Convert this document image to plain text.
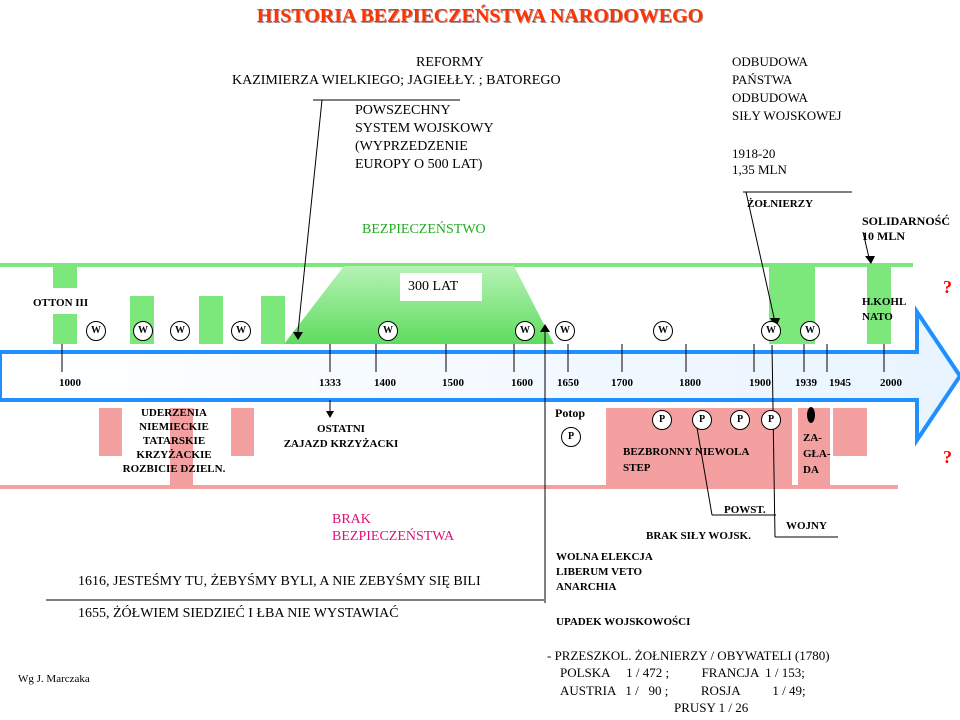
W	W	W	W	W	W	W	W	W	W
P
P	P	P	P
HISTORIA BEZPIECZEŃSTWA NARODOWEGO
REFORMY
KAZIMIERZA WIELKIEGO; JAGIEŁŁY. ; BATOREGO
POWSZECHNY
SYSTEM WOJSKOWY
(WYPRZEDZENIE
EUROPY O 500 LAT)
ODBUDOWA
PAŃSTWA
ODBUDOWA
SIŁY WOJSKOWEJ
1918-20
1,35 MLN
ŻOŁNIERZY
SOLIDARNOŚĆ
10 MLN
BEZPIECZEŃSTWO
300 LAT
OTTON III	H.KOHL
NATO
?
?
1000	1333	1400	1500	1600	1650	1700	1800	1900	1939	1945	2000
UDERZENIA
NIEMIECKIE
TATARSKIE
KRZYŻACKIE
ROZBICIE DZIELN.
OSTATNI
ZAJAZD KRZYŻACKI
Potop
BEZBRONNY NIEWOLA
STEP
ZA-
GŁA-
DA
POWST.
WOJNY
BRAK SIŁY WOJSK.
BRAK
BEZPIECZEŃSTWA
1616, JESTEŚMY TU, ŻEBYŚMY BYLI, A NIE ZEBYŚMY SIĘ BILI
1655, ŻÓŁWIEM SIEDZIEĆ I ŁBA NIE WYSTAWIAĆ
WOLNA ELEKCJA
LIBERUM VETO
ANARCHIA
UPADEK WOJSKOWOŚCI
- PRZESZKOL. ŻOŁNIERZY / OBYWATELI (1780)
POLSKA     1 / 472 ;          FRANCJA  1 / 153;
AUSTRIA   1 /   90 ;          ROSJA          1 / 49;
PRUSY 1 / 26
Wg J. Marczaka
